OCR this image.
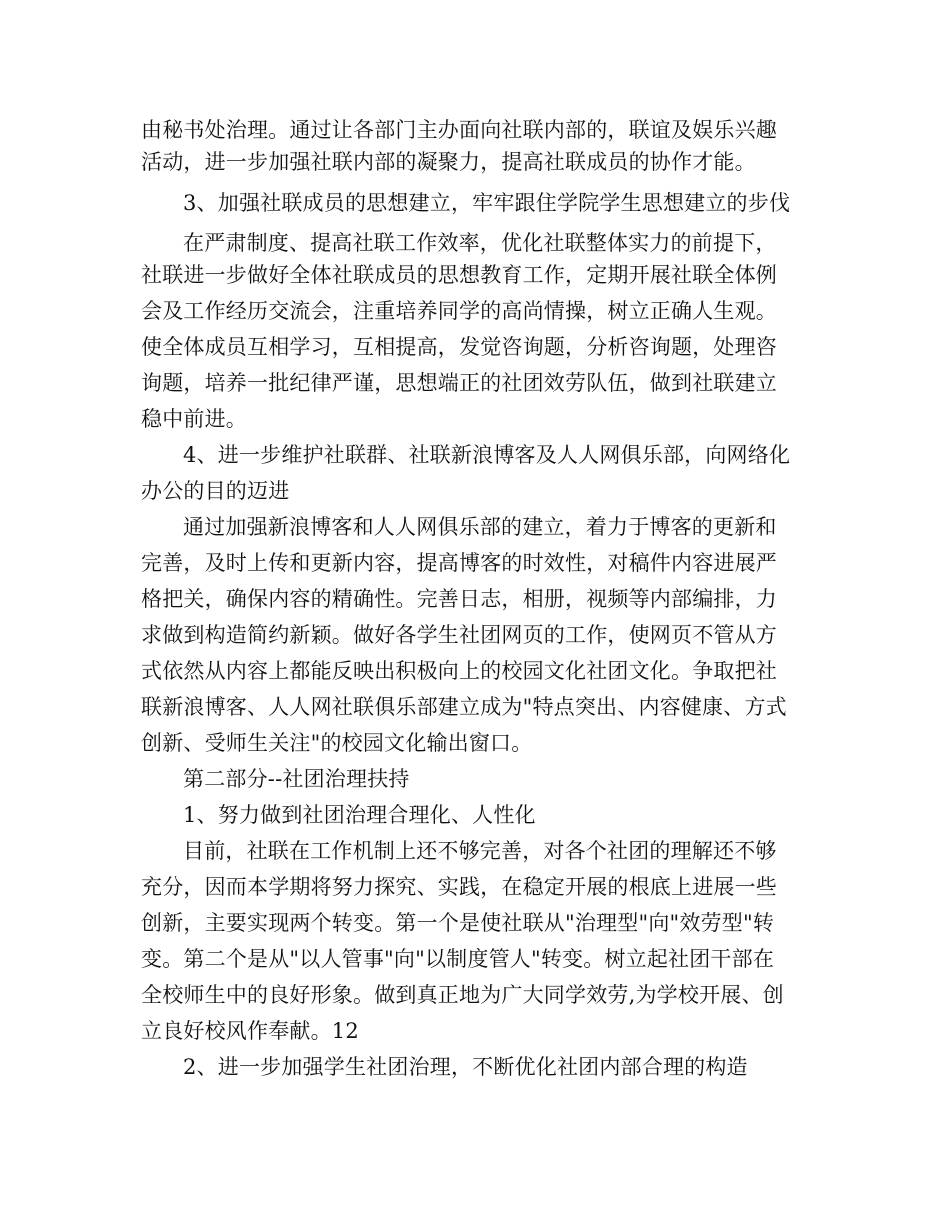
由秘书处治理。通过让各部门主办面向社联内部的，联谊及娱乐兴趣
活动，进一步加强社联内部的凝聚力，提高社联成员的协作才能。
3、加强社联成员的思想建立，牢牢跟住学院学生思想建立的步伐
在严肃制度、提高社联工作效率，优化社联整体实力的前提下，
社联进一步做好全体社联成员的思想教育工作，定期开展社联全体例
会及工作经历交流会，注重培养同学的高尚情操，树立正确人生观。
使全体成员互相学习，互相提高，发觉咨询题，分析咨询题，处理咨
询题，培养一批纪律严谨，思想端正的社团效劳队伍，做到社联建立
稳中前进。
4、进一步维护社联群、社联新浪博客及人人网俱乐部，向网络化
办公的目的迈进
通过加强新浪博客和人人网俱乐部的建立，着力于博客的更新和
完善，及时上传和更新内容，提高博客的时效性，对稿件内容进展严
格把关，确保内容的精确性。完善日志，相册，视频等内部编排，力
求做到构造简约新颖。做好各学生社团网页的工作，使网页不管从方
式依然从内容上都能反映出积极向上的校园文化社团文化。争取把社
联新浪博客、人人网社联俱乐部建立成为"特点突出、内容健康、方式
创新、受师生关注"的校园文化输出窗口。
第二部分--社团治理扶持
1、努力做到社团治理合理化、人性化
目前，社联在工作机制上还不够完善，对各个社团的理解还不够
充分，因而本学期将努力探究、实践，在稳定开展的根底上进展一些
创新，主要实现两个转变。第一个是使社联从"治理型"向"效劳型"转
变。第二个是从"以人管事"向"以制度管人"转变。树立起社团干部在
全校师生中的良好形象。做到真正地为广大同学效劳,为学校开展、创
立良好校风作奉献。12
2、进一步加强学生社团治理，不断优化社团内部合理的构造
